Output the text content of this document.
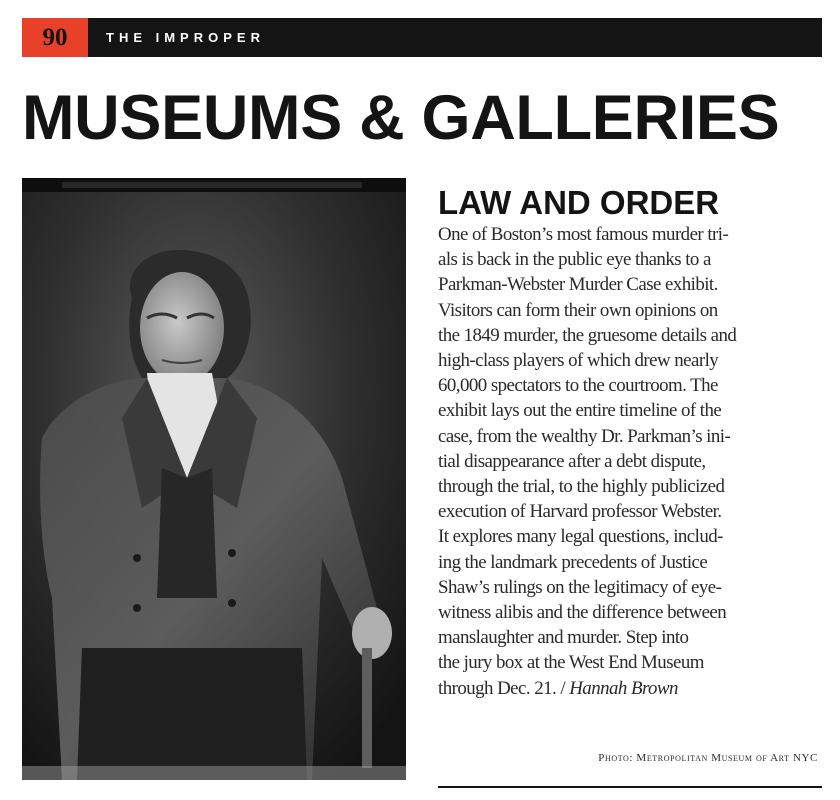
90	THE IMPROPER
MUSEUMS & GALLERIES
LAW AND ORDER
One of Boston’s most famous murder tri-
als is back in the public eye thanks to a
Parkman-Webster Murder Case exhibit.
Visitors can form their own opinions on
the 1849 murder, the gruesome details and
high-class players of which drew nearly
60,000 spectators to the courtroom. The
exhibit lays out the entire timeline of the
case, from the wealthy Dr. Parkman’s ini-
tial disappearance after a debt dispute,
through the trial, to the highly publicized
execution of Harvard professor Webster.
It explores many legal questions, includ-
ing the landmark precedents of Justice
Shaw’s rulings on the legitimacy of eye-
witness alibis and the difference between
manslaughter and murder. Step into
the jury box at the West End Museum
through Dec. 21. / Hannah Brown
Photo: Metropolitan Museum of Art NYC
